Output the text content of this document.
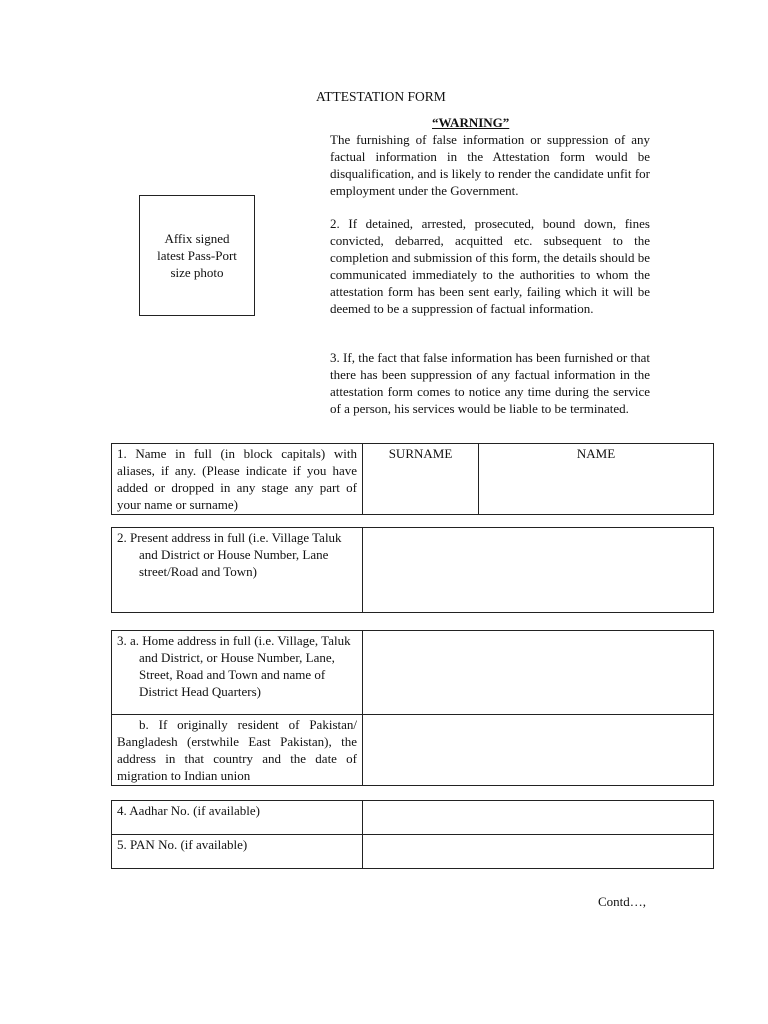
ATTESTATION FORM
“WARNING”
The furnishing of false information or suppression of any factual information in the Attestation form would be disqualification, and is likely to render the candidate unfit for employment under the Government.
2. If detained, arrested, prosecuted, bound down, fines convicted, debarred, acquitted etc. subsequent to the completion and submission of this form, the details should be communicated immediately to the authorities to whom the attestation form has been sent early, failing which it will be deemed to be a suppression of factual information.
3. If, the fact that false information has been furnished or that there has been suppression of any factual information in the attestation form comes to notice any time during the service of a person, his services would be liable to be terminated.
Affix signed
latest Pass-Port
size photo
1. Name in full (in block capitals) with aliases, if any. (Please indicate if you have added or dropped in any stage any part of your name or surname)	SURNAME	NAME
2. Present address in full (i.e. Village Taluk and District or House Number, Lane street/Road and Town)	
3. a. Home address in full (i.e. Village, Taluk and District, or House Number, Lane, Street, Road and Town and name of District Head Quarters)	
b. If originally resident of Pakistan/ Bangladesh (erstwhile East Pakistan), the address in that country and the date of migration to Indian union	
4. Aadhar No. (if available)	
5. PAN No. (if available)	
Contd…,
